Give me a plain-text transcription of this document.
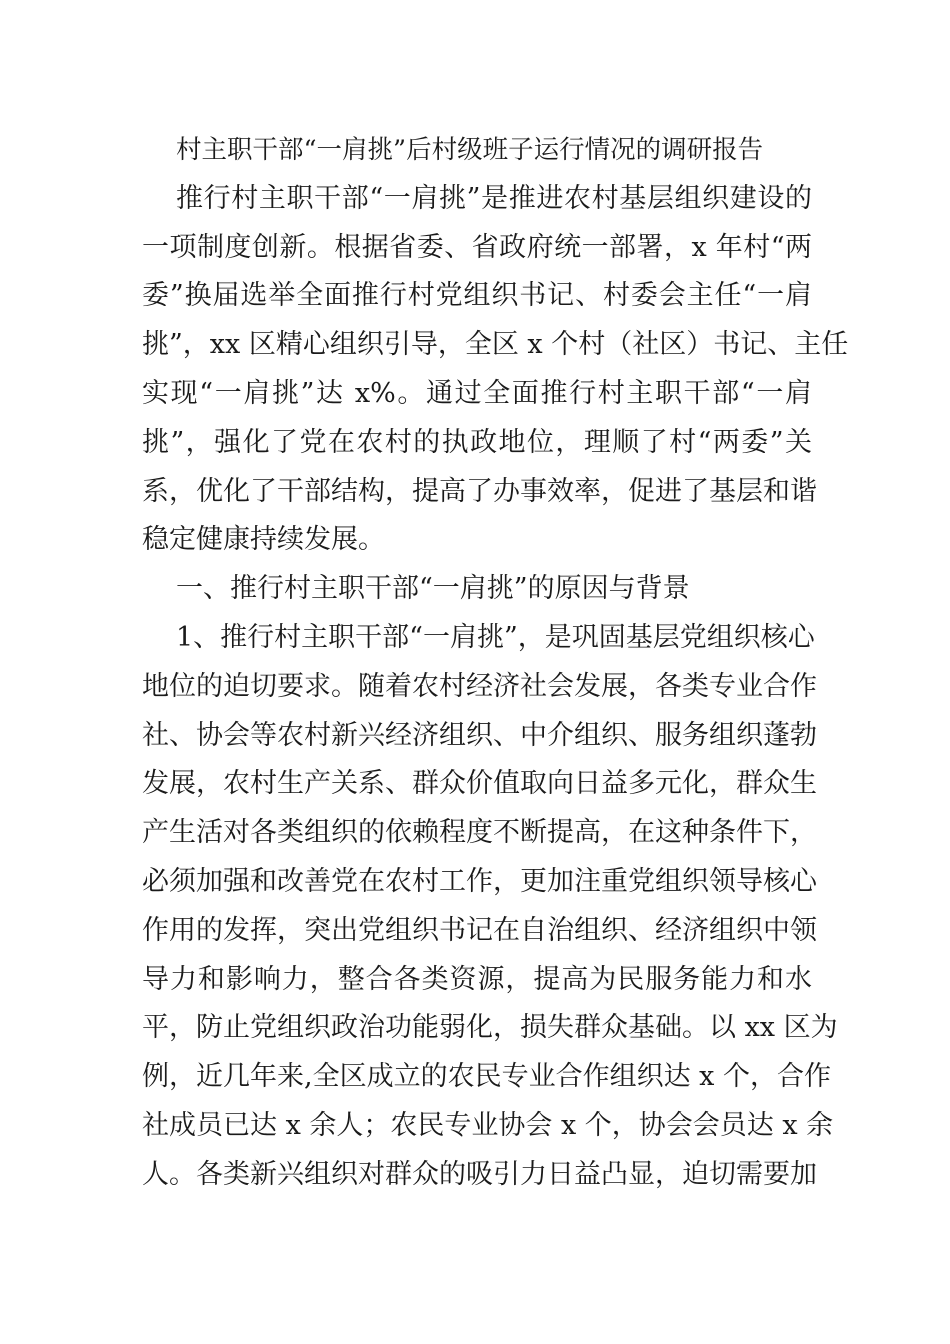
村主职干部“一肩挑”后村级班子运行情况的调研报告
推行村主职干部“一肩挑”是推进农村基层组织建设的
一项制度创新。根据省委、省政府统一部署，x 年村“两
委”换届选举全面推行村党组织书记、村委会主任“一肩
挑”，xx 区精心组织引导，全区 x 个村（社区）书记、主任
实现“一肩挑”达 x%。通过全面推行村主职干部“一肩
挑”，强化了党在农村的执政地位，理顺了村“两委”关
系，优化了干部结构，提高了办事效率，促进了基层和谐
稳定健康持续发展。
一、推行村主职干部“一肩挑”的原因与背景
1、推行村主职干部“一肩挑”，是巩固基层党组织核心
地位的迫切要求。随着农村经济社会发展，各类专业合作
社、协会等农村新兴经济组织、中介组织、服务组织蓬勃
发展，农村生产关系、群众价值取向日益多元化，群众生
产生活对各类组织的依赖程度不断提高，在这种条件下，
必须加强和改善党在农村工作，更加注重党组织领导核心
作用的发挥，突出党组织书记在自治组织、经济组织中领
导力和影响力，整合各类资源，提高为民服务能力和水
平，防止党组织政治功能弱化，损失群众基础。以 xx 区为
例，近几年来,全区成立的农民专业合作组织达 x 个，合作
社成员已达 x 余人；农民专业协会 x 个，协会会员达 x 余
人。各类新兴组织对群众的吸引力日益凸显，迫切需要加
